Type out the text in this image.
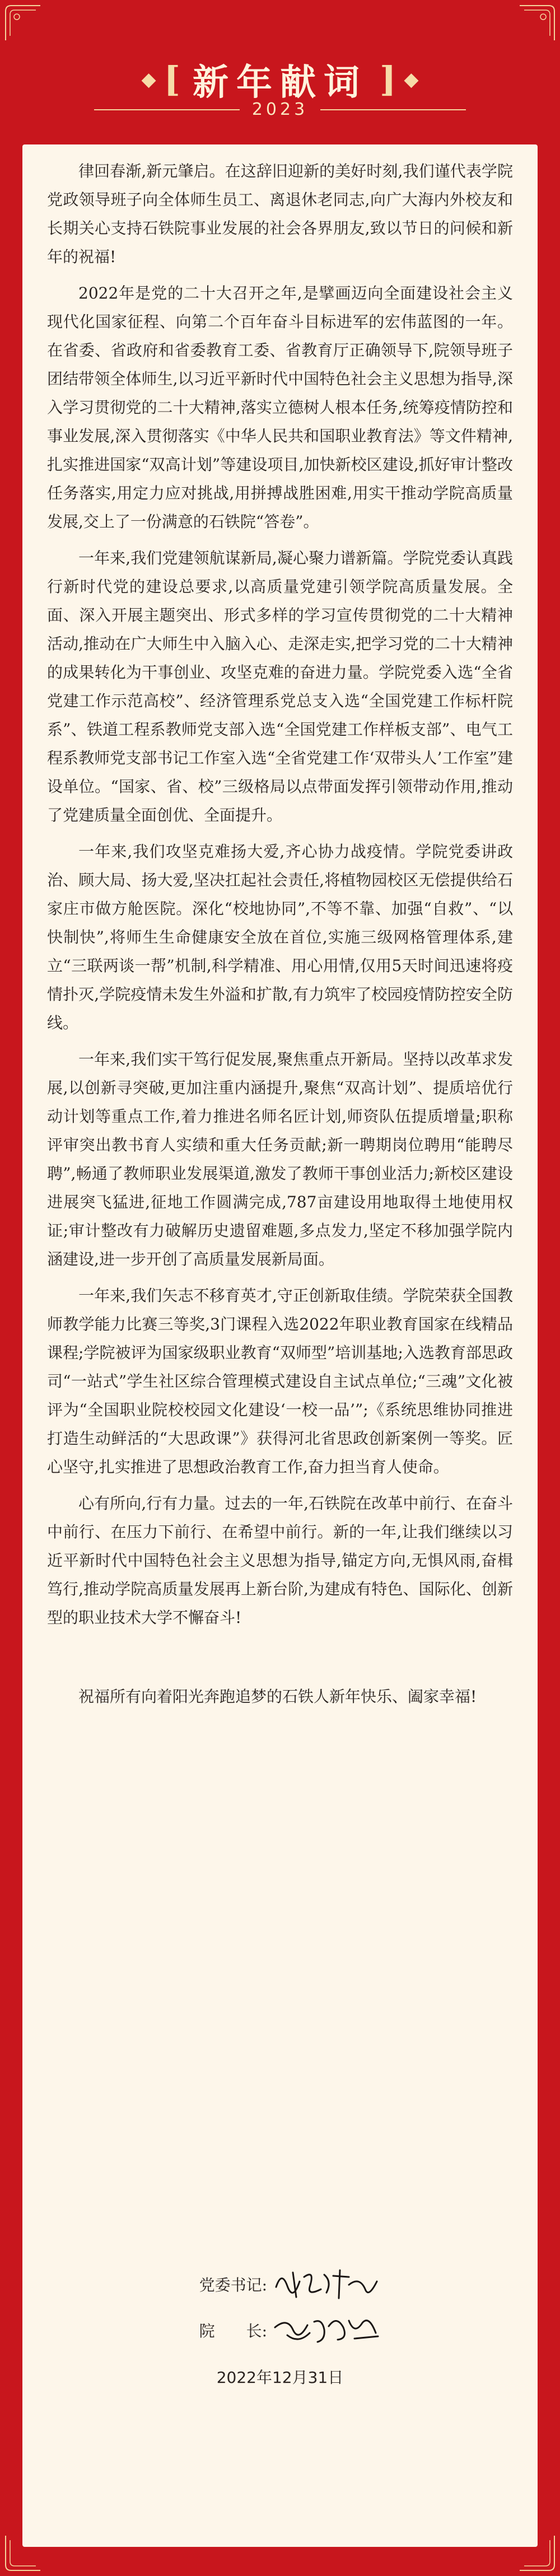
◆ [ 新年献词 ] ◆
2023

律回春渐,新元肇启。在这辞旧迎新的美好时刻,我们谨代表学院党政领导班子向全体师生员工、离退休老同志,向广大海内外校友和长期关心支持石铁院事业发展的社会各界朋友,致以节日的问候和新年的祝福!

2022年是党的二十大召开之年,是擘画迈向全面建设社会主义现代化国家征程、向第二个百年奋斗目标进军的宏伟蓝图的一年。在省委、省政府和省委教育工委、省教育厅正确领导下,院领导班子团结带领全体师生,以习近平新时代中国特色社会主义思想为指导,深入学习贯彻党的二十大精神,落实立德树人根本任务,统筹疫情防控和事业发展,深入贯彻落实《中华人民共和国职业教育法》等文件精神,扎实推进国家“双高计划”等建设项目,加快新校区建设,抓好审计整改任务落实,用定力应对挑战,用拼搏战胜困难,用实干推动学院高质量发展,交上了一份满意的石铁院“答卷”。

一年来,我们党建领航谋新局,凝心聚力谱新篇。学院党委认真践行新时代党的建设总要求,以高质量党建引领学院高质量发展。全面、深入开展主题突出、形式多样的学习宣传贯彻党的二十大精神活动,推动在广大师生中入脑入心、走深走实,把学习党的二十大精神的成果转化为干事创业、攻坚克难的奋进力量。学院党委入选“全省党建工作示范高校”、经济管理系党总支入选“全国党建工作标杆院系”、铁道工程系教师党支部入选“全国党建工作样板支部”、电气工程系教师党支部书记工作室入选“全省党建工作‘双带头人’工作室”建设单位。“国家、省、校”三级格局以点带面发挥引领带动作用,推动了党建质量全面创优、全面提升。

一年来,我们攻坚克难扬大爱,齐心协力战疫情。学院党委讲政治、顾大局、扬大爱,坚决扛起社会责任,将植物园校区无偿提供给石家庄市做方舱医院。深化“校地协同”,不等不靠、加强“自救”、“以快制快”,将师生生命健康安全放在首位,实施三级网格管理体系,建立“三联两谈一帮”机制,科学精准、用心用情,仅用5天时间迅速将疫情扑灭,学院疫情未发生外溢和扩散,有力筑牢了校园疫情防控安全防线。

一年来,我们实干笃行促发展,聚焦重点开新局。坚持以改革求发展,以创新寻突破,更加注重内涵提升,聚焦“双高计划”、提质培优行动计划等重点工作,着力推进名师名匠计划,师资队伍提质增量;职称评审突出教书育人实绩和重大任务贡献;新一聘期岗位聘用“能聘尽聘”,畅通了教师职业发展渠道,激发了教师干事创业活力;新校区建设进展突飞猛进,征地工作圆满完成,787亩建设用地取得土地使用权证;审计整改有力破解历史遗留难题,多点发力,坚定不移加强学院内涵建设,进一步开创了高质量发展新局面。

一年来,我们矢志不移育英才,守正创新取佳绩。学院荣获全国教师教学能力比赛三等奖,3门课程入选2022年职业教育国家在线精品课程;学院被评为国家级职业教育“双师型”培训基地;入选教育部思政司“一站式”学生社区综合管理模式建设自主试点单位;“三魂”文化被评为“全国职业院校校园文化建设‘一校一品’”;《系统思维协同推进打造生动鲜活的“大思政课”》获得河北省思政创新案例一等奖。匠心坚守,扎实推进了思想政治教育工作,奋力担当育人使命。

心有所向,行有力量。过去的一年,石铁院在改革中前行、在奋斗中前行、在压力下前行、在希望中前行。新的一年,让我们继续以习近平新时代中国特色社会主义思想为指导,锚定方向,无惧风雨,奋楫笃行,推动学院高质量发展再上新台阶,为建成有特色、国际化、创新型的职业技术大学不懈奋斗!

祝福所有向着阳光奔跑追梦的石铁人新年快乐、阖家幸福!

党委书记:
院　　长:
2022年12月31日
